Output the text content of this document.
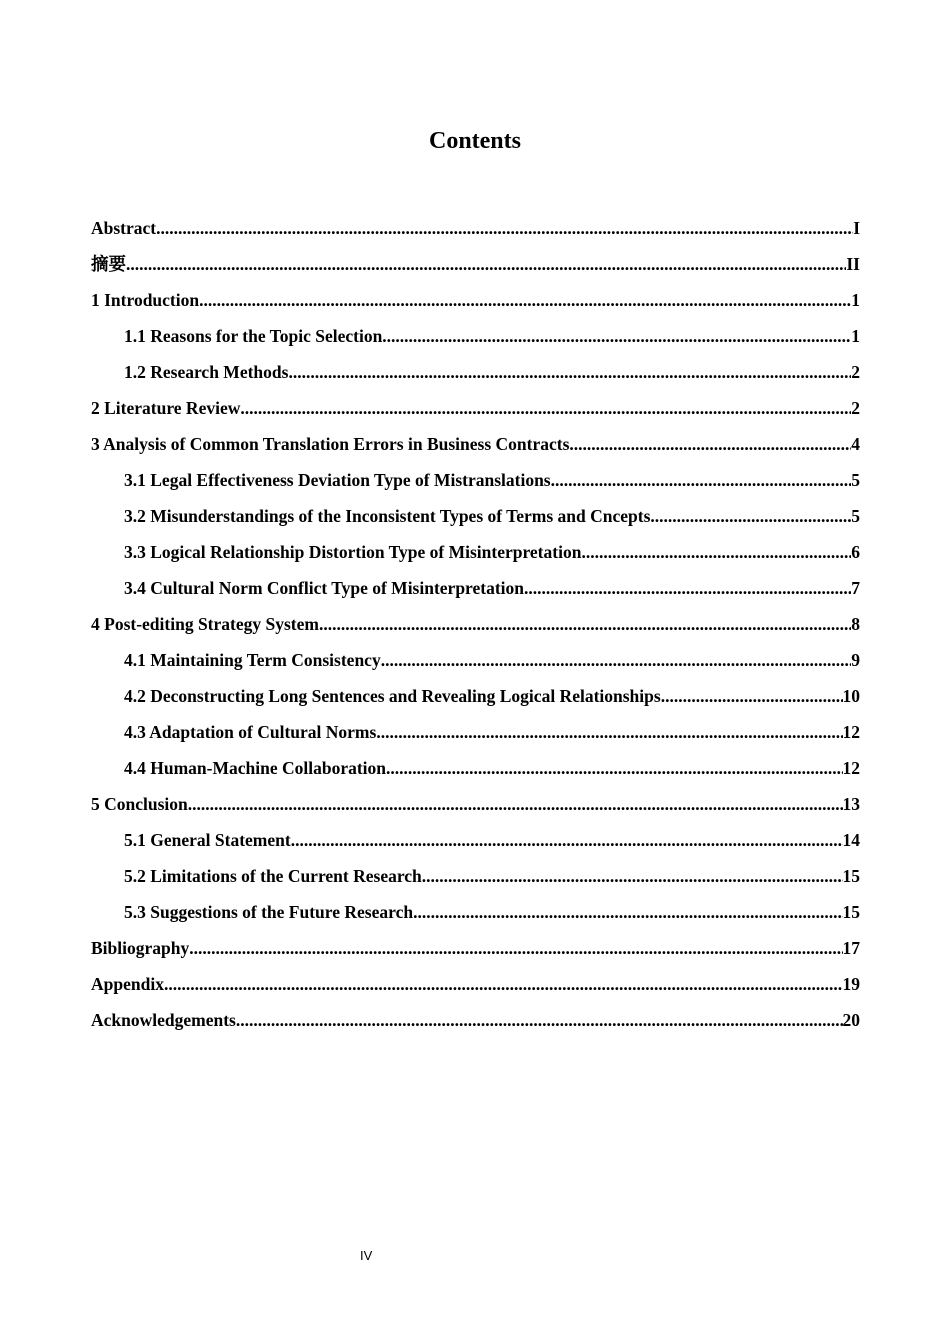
Contents
Abstract .....	I
摘要 .....	II
1 Introduction .....	1
1.1 Reasons for the Topic Selection .....	1
1.2 Research Methods .....	2
2 Literature Review .....	2
3 Analysis of Common Translation Errors in Business Contracts .....	4
3.1 Legal Effectiveness Deviation Type of Mistranslations .....	5
3.2 Misunderstandings of the Inconsistent Types of Terms and Cncepts .....	5
3.3 Logical Relationship Distortion Type of Misinterpretation .....	6
3.4 Cultural Norm Conflict Type of Misinterpretation .....	7
4 Post-editing Strategy System .....	8
4.1 Maintaining Term Consistency .....	9
4.2 Deconstructing Long Sentences and Revealing Logical Relationships .....	10
4.3 Adaptation of Cultural Norms .....	12
4.4 Human-Machine Collaboration .....	12
5 Conclusion .....	13
5.1 General Statement .....	14
5.2 Limitations of the Current Research .....	15
5.3 Suggestions of the Future Research .....	15
Bibliography .....	17
Appendix .....	19
Acknowledgements .....	20
IV
